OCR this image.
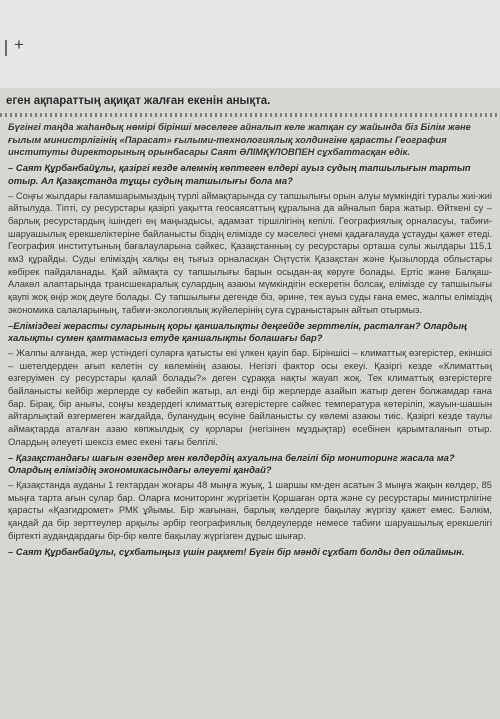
+
еген ақпараттың ақиқат жалған екенін анықта.

Бүгінгі таңда жаһандық нөмірі бірінші мәселеге айналып келе жатқан су жайында біз Білім және ғылым министрлігінің «Парасат» ғылыми-технологиялық холдингіне қарасты География институты директорының орынбасары Саят ӘЛІМҚҰЛОВПЕН сұхбаттасқан едік.

– Саят Құрбанбайұлы, қазіргі кезде әлемнің көптеген елдері ауыз судың тапшылығын тартып отыр. Ал Қазақстанда тұщы судың тапшылығы бола ма?

– Соңғы жылдары ғаламшарымыздың түрлі аймақтарында су тапшылығы орын алуы мүмкіндігі туралы жиі-жиі айтылуда. Тіпті, су ресурстары қазіргі уақытта геосаясаттың құралына да айналып бара жатыр. Өйткені су – барлық ресурстардың ішіндегі ең маңыздысы, адамзат тіршілігінің кепілі. Географиялық орналасуы, табиғи-шаруашылық ерекшеліктеріне байланысты біздің елімізде су мәселесі үнемі қадағалауда ұстауды қажет етеді. География институтының бағалауларына сәйкес, Қазақстанның су ресурстары орташа сулы жылдары 115,1 км3 құрайды. Суды еліміздің халқы ең тығыз орналасқан Оңтүстік Қазақстан және Қызылорда облыстары көбірек пайдаланады. Қай аймақта су тапшылығы барын осыдан-ақ көруге болады. Ертіс және Балқаш-Алакөл алаптарында трансшекаралық сулардың азаюы мүмкіндігін ескеретін болсақ, елімізде су тапшылығы қаупі жоқ өңір жоқ деуге болады. Су тапшылығы дегенде біз, әрине, тек ауыз суды ғана емес, жалпы еліміздің экономика салаларының, табиғи-экологиялық жүйелерінің суға сұраныстарын айтып отырмыз.

–Еліміздегі жерасты суларының қоры қаншалықты деңгейде зерттелін, расталған? Олардың халықты сумен қамтамасыз етуде қаншалықты болашағы бар?

– Жалпы алғанда, жер үстіндегі суларға қатысты екі үлкен қауіп бар. Біріншісі – климаттық өзгерістер, екіншісі – шетелдерден ағып келетін су көлемінің азаюы. Негізгі фактор осы екеуі. Қазіргі кезде «Климаттың өзгеруімен су ресурстары қалай болады?» деген сұраққа нақты жауап жоқ. Тек климаттық өзгерістерге байланысты кейбір жерлерде су көбейіп жатыр, ал енді бір жерлерде азайып жатыр деген болжамдар ғана бар. Бірақ, бір анығы, соңғы кездердегі климаттық өзгерістерге сәйкес температура көтеріліп, жауын-шашын айтарлықтай өзгермеген жағдайда, буланудың өсуіне байланысты су көлемі азаюы тиіс. Қазіргі кезде таулы аймақтарда аталған азаю көпжылдық су қорлары (негізінен мұздықтар) есебінен қарымталанып отыр. Олардың әлеуеті шексіз емес екені тағы белгілі.

– Қазақстандағы шағын өзендер мен көлдердің ахуалына белгілі бір мониторинг жасала ма? Олардың еліміздің экономикасындағы әлеуеті қандай?

– Қазақстанда ауданы 1 гектардан жоғары 48 мыңға жуық, 1 шаршы км-ден асатын 3 мыңға жақын көлдер, 85 мыңға тарта ағын сулар бар. Оларға мониторинг жүргізетін Қоршаған орта және су ресурстары министрлігіне қарасты «Қазгидромет» РМК ұйымы. Бір жағынан, барлық көлдерге бақылау жүргізу қажет емес. Бәлкім, қандай да бір зерттеулер арқылы әрбір географиялық белдеулерде немесе табиғи шаруашылық ерекшелігі біртекті аудандардағы бір-бір көлге бақылау жүргізген дұрыс шығар.

– Саят Құрбанбайұлы, сұхбатыңыз үшін рақмет! Бүгін бір мәнді сұхбат болды деп ойлаймын.
